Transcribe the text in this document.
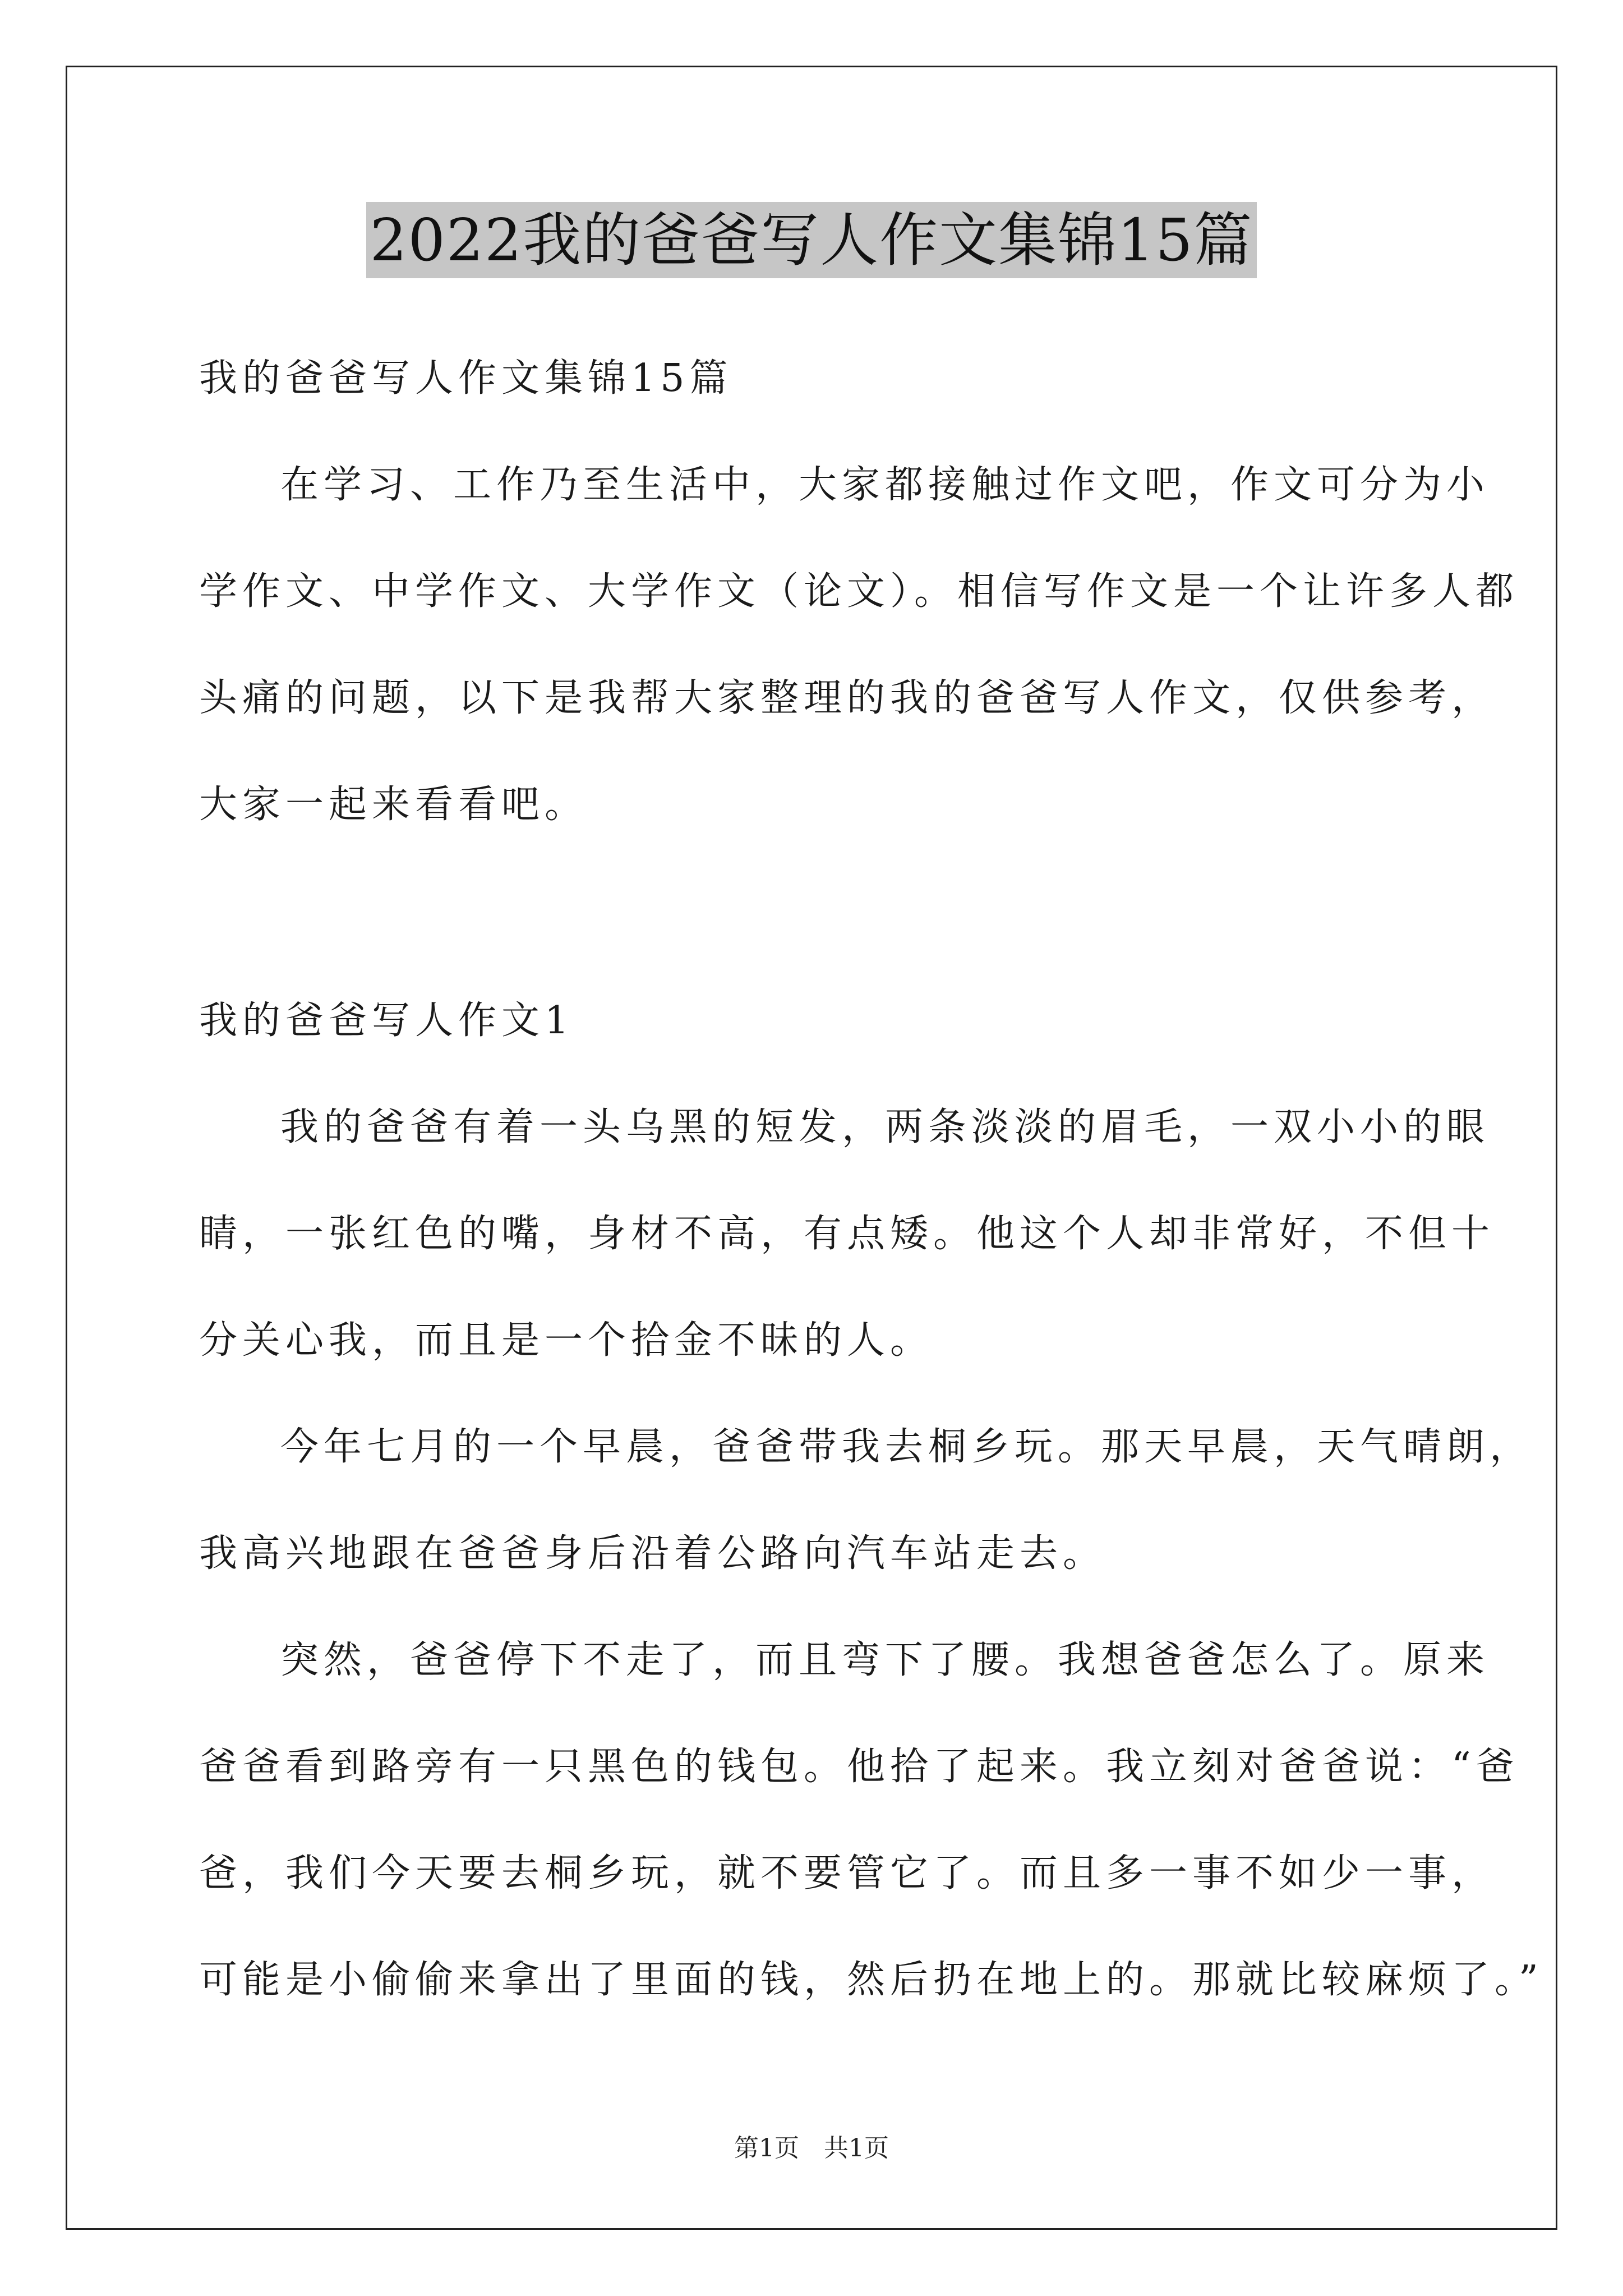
2022我的爸爸写人作文集锦15篇
我的爸爸写人作文集锦15篇
在学习、工作乃至生活中，大家都接触过作文吧，作文可分为小
学作文、中学作文、大学作文（论文）。相信写作文是一个让许多人都
头痛的问题，以下是我帮大家整理的我的爸爸写人作文，仅供参考，
大家一起来看看吧。
我的爸爸写人作文1
我的爸爸有着一头乌黑的短发，两条淡淡的眉毛，一双小小的眼
睛，一张红色的嘴，身材不高，有点矮。他这个人却非常好，不但十
分关心我，而且是一个拾金不昧的人。
今年七月的一个早晨，爸爸带我去桐乡玩。那天早晨，天气晴朗，
我高兴地跟在爸爸身后沿着公路向汽车站走去。
突然，爸爸停下不走了，而且弯下了腰。我想爸爸怎么了。原来
爸爸看到路旁有一只黑色的钱包。他拾了起来。我立刻对爸爸说：“爸
爸，我们今天要去桐乡玩，就不要管它了。而且多一事不如少一事，
可能是小偷偷来拿出了里面的钱，然后扔在地上的。那就比较麻烦了。”
第1页　共1页
